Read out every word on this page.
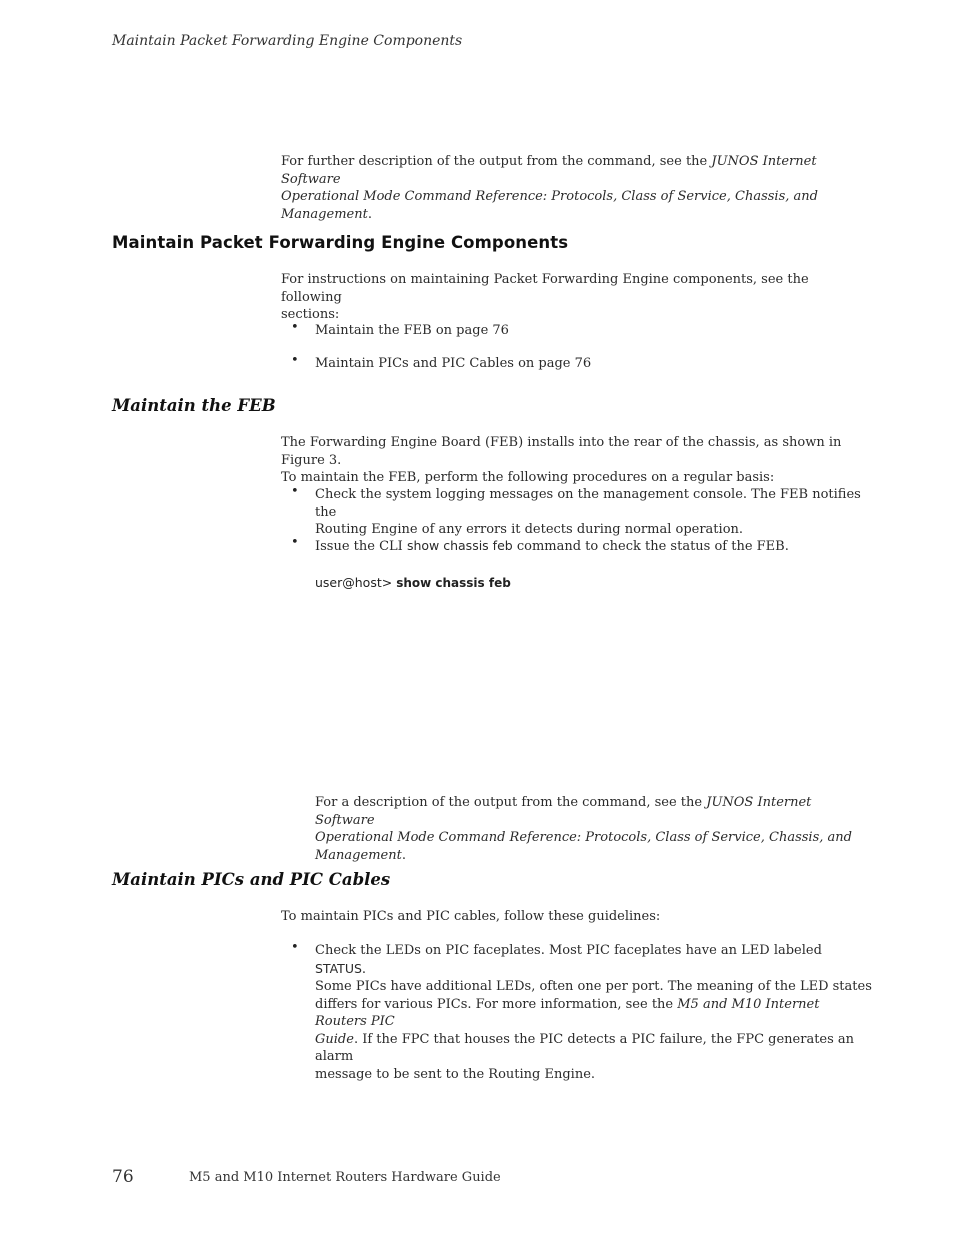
Maintain Packet Forwarding Engine Components

For further description of the output from the command, see the JUNOS Internet Software
Operational Mode Command Reference: Protocols, Class of Service, Chassis, and Management.

Maintain Packet Forwarding Engine Components

For instructions on maintaining Packet Forwarding Engine components, see the following
sections:

• Maintain the FEB on page 76
• Maintain PICs and PIC Cables on page 76
Maintain the FEB

The Forwarding Engine Board (FEB) installs into the rear of the chassis, as shown in Figure 3.
To maintain the FEB, perform the following procedures on a regular basis:

• Check the system logging messages on the management console. The FEB notifies the
Routing Engine of any errors it detects during normal operation.

• Issue the CLI show chassis feb command to check the status of the FEB.

user@host> show chassis feb

For a description of the output from the command, see the JUNOS Internet Software
Operational Mode Command Reference: Protocols, Class of Service, Chassis, and
Management.

Maintain PICs and PIC Cables
To maintain PICs and PIC cables, follow these guidelines:
• Check the LEDs on PIC faceplates. Most PIC faceplates have an LED labeled STATUS.
Some PICs have additional LEDs, often one per port. The meaning of the LED states
differs for various PICs. For more information, see the M5 and M10 Internet Routers PIC
Guide. If the FPC that houses the PIC detects a PIC failure, the FPC generates an alarm
message to be sent to the Routing Engine.

76	M5 and M10 Internet Routers Hardware Guide
